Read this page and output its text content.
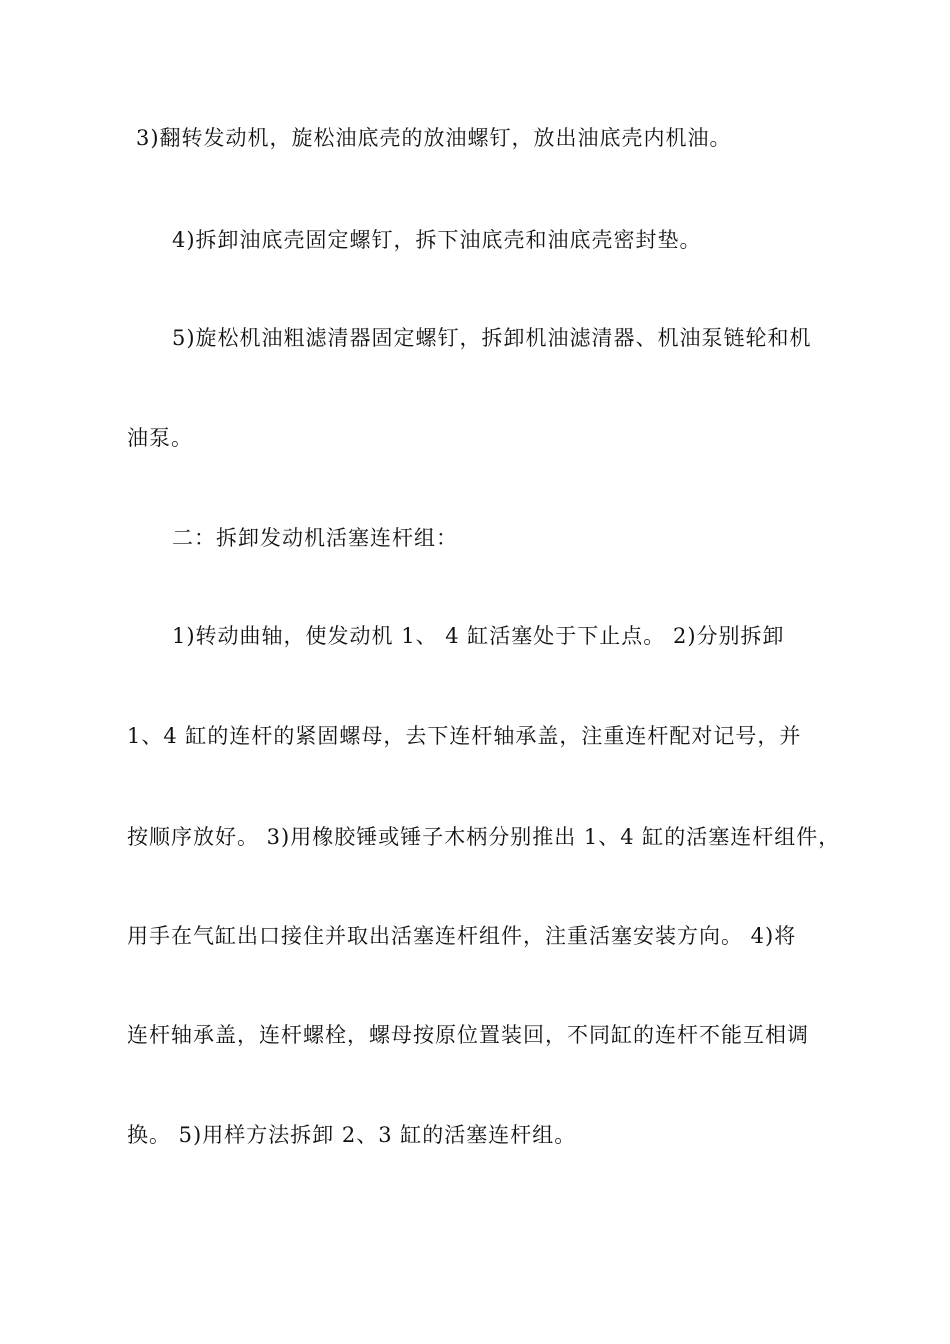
3)翻转发动机，旋松油底壳的放油螺钉，放出油底壳内机油。
4)拆卸油底壳固定螺钉，拆下油底壳和油底壳密封垫。
5)旋松机油粗滤清器固定螺钉，拆卸机油滤清器、机油泵链轮和机
油泵。
二：拆卸发动机活塞连杆组：
1)转动曲轴，使发动机 1、 4 缸活塞处于下止点。 2)分别拆卸
1、4 缸的连杆的紧固螺母，去下连杆轴承盖，注重连杆配对记号，并
按顺序放好。 3)用橡胶锤或锤子木柄分别推出 1、4 缸的活塞连杆组件，
用手在气缸出口接住并取出活塞连杆组件，注重活塞安装方向。 4)将
连杆轴承盖，连杆螺栓，螺母按原位置装回，不同缸的连杆不能互相调
换。 5)用样方法拆卸 2、3 缸的活塞连杆组。
